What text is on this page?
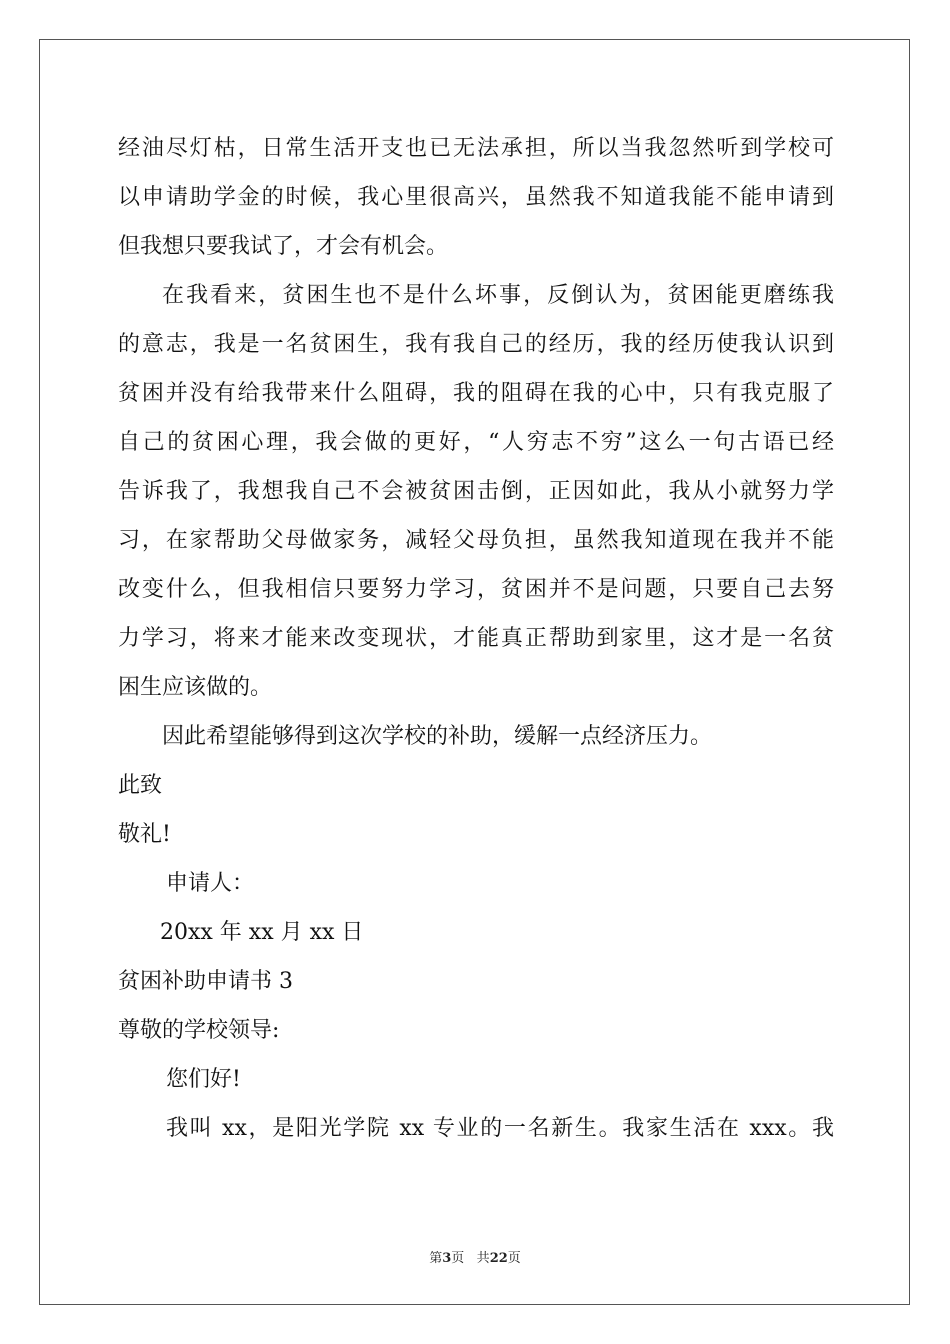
经油尽灯枯，日常生活开支也已无法承担，所以当我忽然听到学校可

以申请助学金的时候，我心里很高兴，虽然我不知道我能不能申请到

但我想只要我试了，才会有机会。

在我看来，贫困生也不是什么坏事，反倒认为，贫困能更磨练我

的意志，我是一名贫困生，我有我自己的经历，我的经历使我认识到

贫困并没有给我带来什么阻碍，我的阻碍在我的心中，只有我克服了

自己的贫困心理，我会做的更好，“人穷志不穷”这么一句古语已经

告诉我了，我想我自己不会被贫困击倒，正因如此，我从小就努力学

习，在家帮助父母做家务，减轻父母负担，虽然我知道现在我并不能

改变什么，但我相信只要努力学习，贫困并不是问题，只要自己去努

力学习，将来才能来改变现状，才能真正帮助到家里，这才是一名贫

困生应该做的。

因此希望能够得到这次学校的补助，缓解一点经济压力。

此致

敬礼!

申请人：

20xx 年 xx 月 xx 日

贫困补助申请书 3

尊敬的学校领导:

您们好!

我叫 xx，是阳光学院 xx 专业的一名新生。我家生活在 xxx。我

第3页 共22页
